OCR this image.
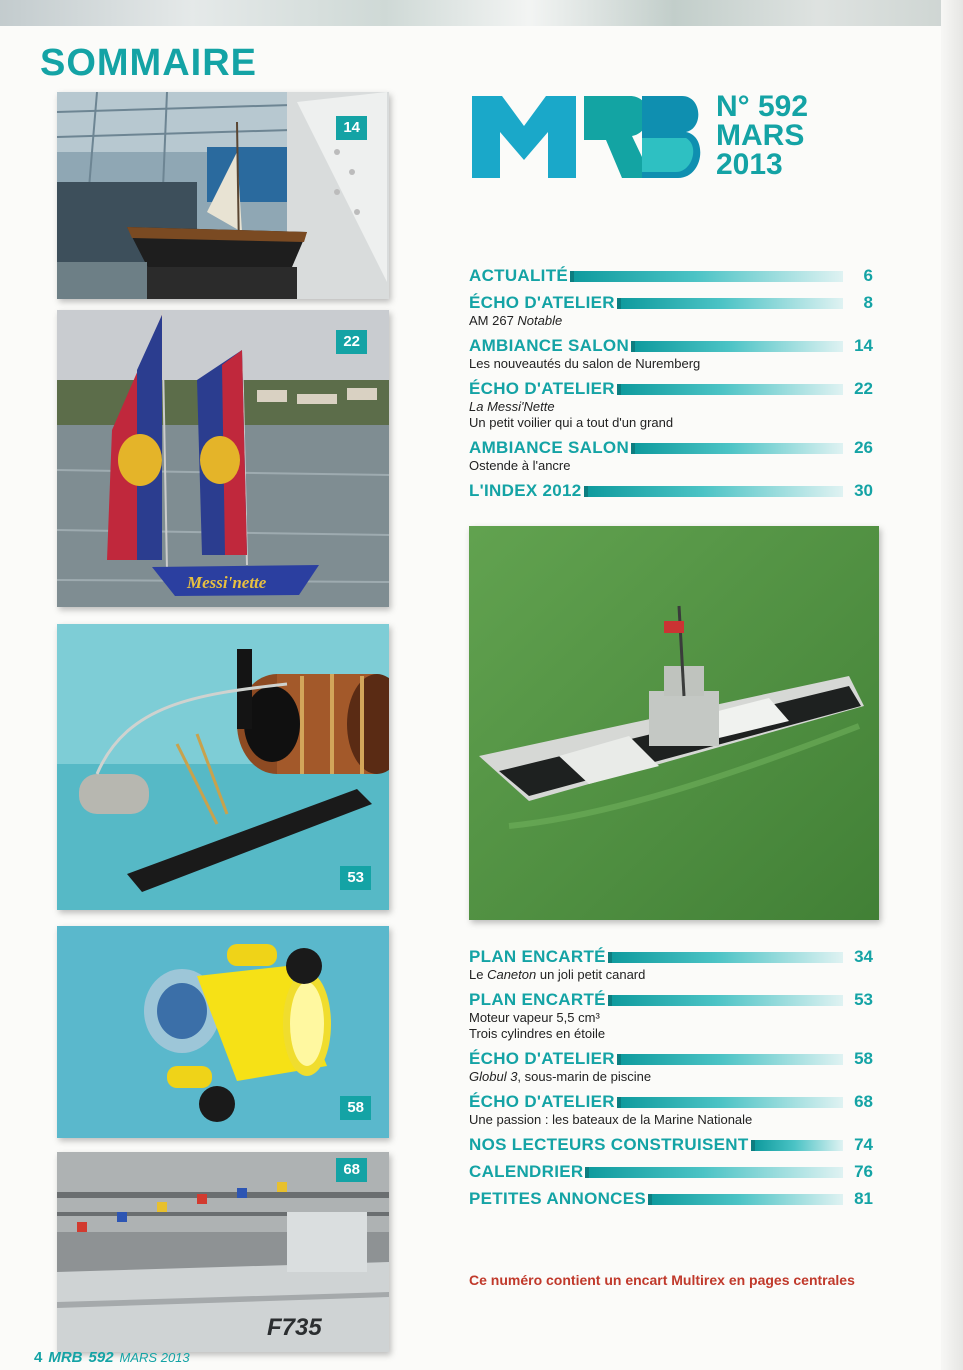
SOMMAIRE
14
Messi'nette
22
53
58
F735
68
N° 592
MARS
2013
ACTUALITÉ	6
ÉCHO D'ATELIER	8
AM 267 Notable
AMBIANCE SALON	14
Les nouveautés du salon de Nuremberg
ÉCHO D'ATELIER	22
La Messi'Nette
Un petit voilier qui a tout d'un grand
AMBIANCE SALON	26
Ostende à l'ancre
L'INDEX 2012	30
PLAN ENCARTÉ	34
Le Caneton un joli petit canard
PLAN ENCARTÉ	53
Moteur vapeur 5,5 cm³
Trois cylindres en étoile
ÉCHO D'ATELIER	58
Globul 3, sous-marin de piscine
ÉCHO D'ATELIER	68
Une passion : les bateaux de la Marine Nationale
NOS LECTEURS CONSTRUISENT	74
CALENDRIER	76
PETITES ANNONCES	81
Ce numéro contient un encart Multirex en pages centrales
4 MRB 592 MARS 2013
